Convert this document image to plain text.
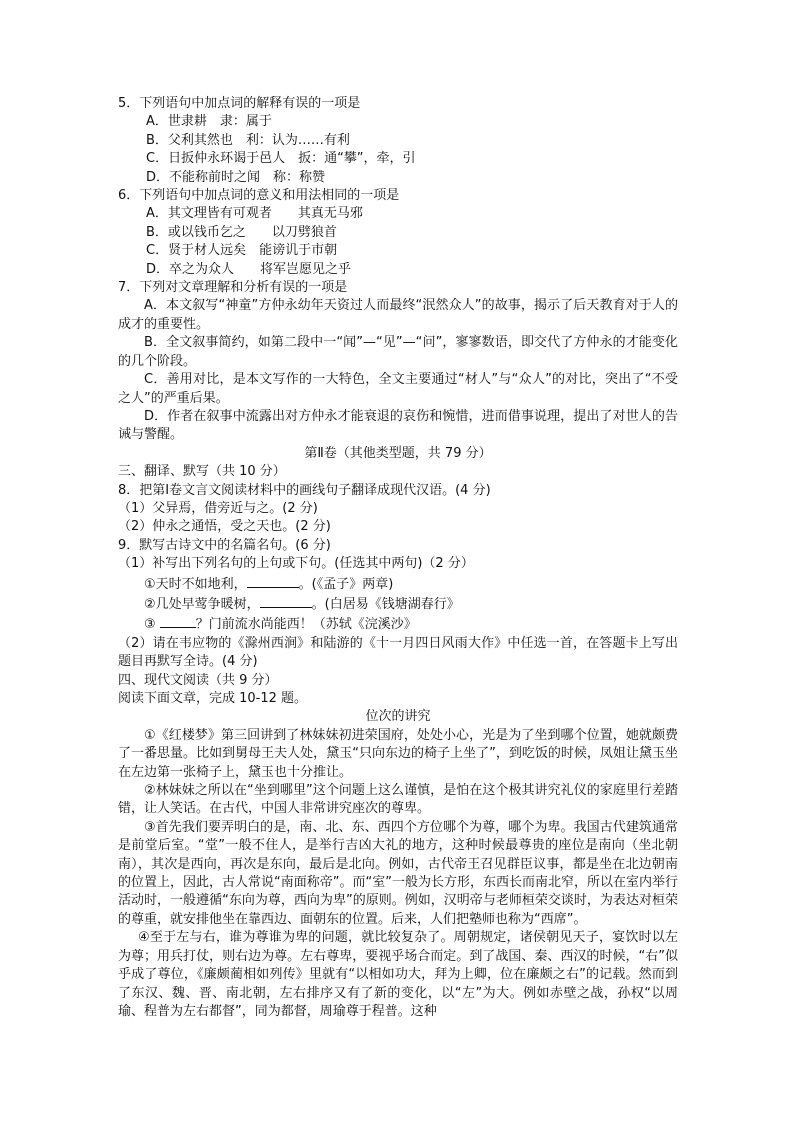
5．下列语句中加点词的解释有误的一项是
A．世隶耕　隶：属于
B．父利其然也　利：认为……有利
C．日扳仲永环谒于邑人　扳：通“攀”，牵，引
D．不能称前时之闻　称：称赞
6．下列语句中加点词的意义和用法相同的一项是
A．其文理皆有可观者　　其真无马邪
B．或以钱币乞之　　以刀劈狼首
C．贤于材人远矣　能谤讥于市朝
D．卒之为众人　　将军岂愿见之乎
7．下列对文章理解和分析有误的一项是
A．本文叙写“神童”方仲永幼年天资过人而最终“泯然众人”的故事，揭示了后天教育对于人的成才的重要性。
B．全文叙事简约，如第二段中一“闻”—“见”—“问”，寥寥数语，即交代了方仲永的才能变化的几个阶段。
C．善用对比，是本文写作的一大特色，全文主要通过“材人”与“众人”的对比，突出了“不受之人”的严重后果。
D．作者在叙事中流露出对方仲永才能衰退的哀伤和惋惜，进而借事说理，提出了对世人的告诫与警醒。
第Ⅱ卷（其他类型题，共 79 分）
三、翻译、默写（共 10 分）
8．把第Ⅰ卷文言文阅读材料中的画线句子翻译成现代汉语。(4 分)
（1）父异焉，借旁近与之。(2 分)
（2）仲永之通悟，受之天也。(2 分)
9．默写古诗文中的名篇名句。(6 分)
（1）补写出下列名句的上句或下句。(任选其中两句)（2 分）
①天时不如地利，	。(《孟子》两章)
②几处早莺争暖树，	。(白居易《钱塘湖春行》
③	？门前流水尚能西！（苏轼《浣溪沙》
（2）请在韦应物的《滁州西涧》和陆游的《十一月四日风雨大作》中任选一首，在答题卡上写出题目再默写全诗。(4 分)
四、现代文阅读（共 9 分）
阅读下面文章，完成 10-12 题。
位次的讲究
①《红楼梦》第三回讲到了林妹妹初进荣国府，处处小心，光是为了坐到哪个位置，她就颇费了一番思量。比如到舅母王夫人处，黛玉“只向东边的椅子上坐了”，到吃饭的时候，凤姐让黛玉坐在左边第一张椅子上，黛玉也十分推让。
②林妹妹之所以在“坐到哪里”这个问题上这么谨慎，是怕在这个极其讲究礼仪的家庭里行差踏错，让人笑话。在古代，中国人非常讲究座次的尊卑。
③首先我们要弄明白的是，南、北、东、西四个方位哪个为尊，哪个为卑。我国古代建筑通常是前堂后室。“堂”一般不住人，是举行吉凶大礼的地方，这种时候最尊贵的座位是南向（坐北朝南），其次是西向，再次是东向，最后是北向。例如，古代帝王召见群臣议事，都是坐在北边朝南的位置上，因此，古人常说“南面称帝”。而“室”一般为长方形，东西长而南北窄，所以在室内举行活动时，一般遵循“东向为尊，西向为卑”的原则。例如，汉明帝与老师桓荣交谈时，为表达对桓荣的尊重，就安排他坐在靠西边、面朝东的位置。后来，人们把塾师也称为“西席”。
④至于左与右，谁为尊谁为卑的问题，就比较复杂了。周朝规定，诸侯朝见天子，宴饮时以左为尊；用兵打仗，则右边为尊。左右尊卑，要视乎场合而定。到了战国、秦、西汉的时候，“右”似乎成了尊位，《廉颇蔺相如列传》里就有“以相如功大，拜为上卿，位在廉颇之右”的记载。然而到了东汉、魏、晋、南北朝，左右排序又有了新的变化，以“左”为大。例如赤壁之战，孙权“以周瑜、程普为左右都督”，同为都督，周瑜尊于程普。这种
